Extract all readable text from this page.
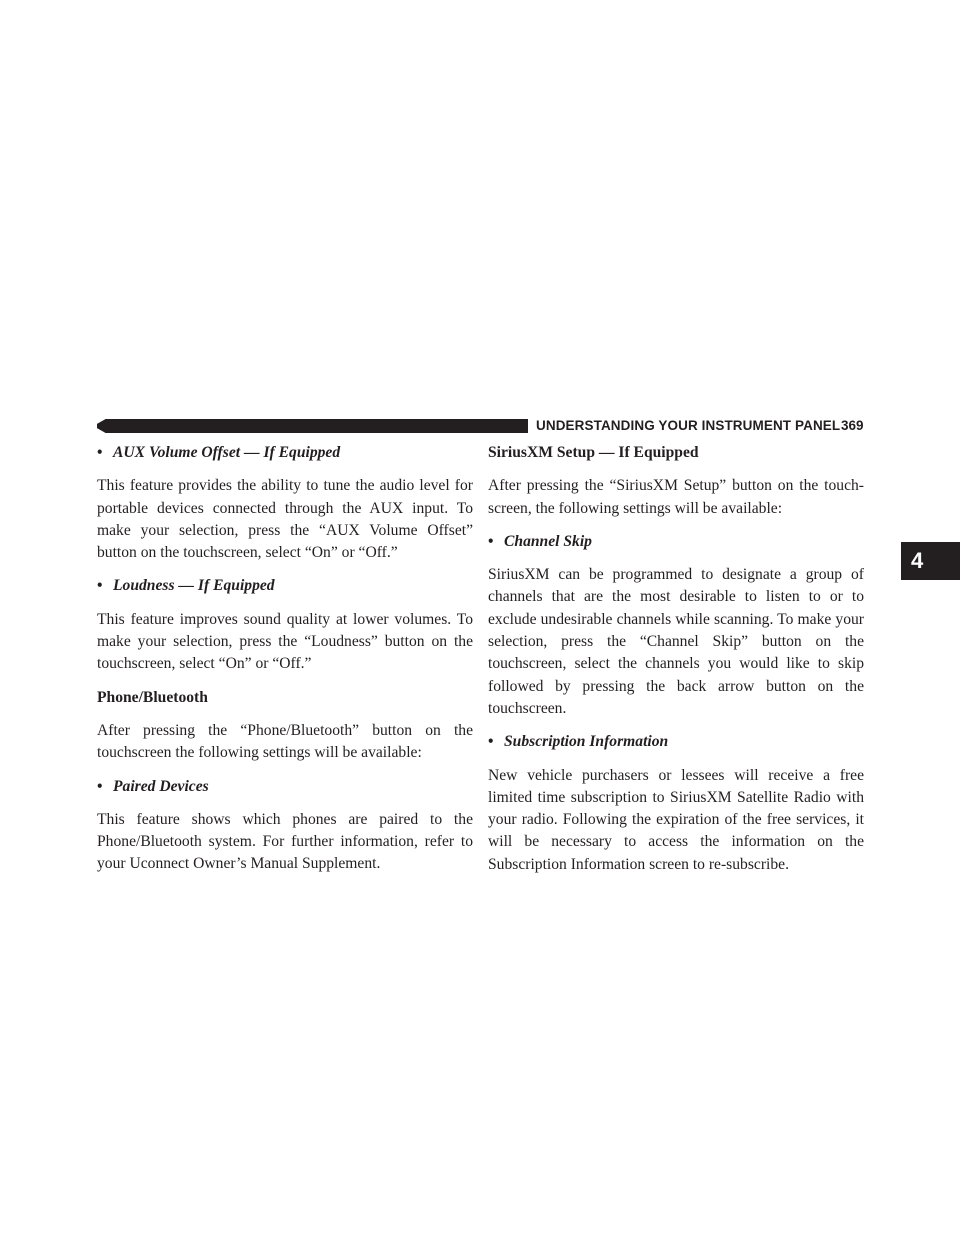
UNDERSTANDING YOUR INSTRUMENT PANEL 369
4

• AUX Volume Offset — If Equipped

This feature provides the ability to tune the audio level for portable devices connected through the AUX input. To make your selection, press the “AUX Volume Offset” button on the touchscreen, select “On” or “Off.”

• Loudness — If Equipped

This feature improves sound quality at lower volumes. To make your selection, press the “Loudness” button on the touchscreen, select “On” or “Off.”

Phone/Bluetooth

After pressing the “Phone/Bluetooth” button on the touchscreen the following settings will be available:

• Paired Devices

This feature shows which phones are paired to the Phone/Bluetooth system. For further information, refer to your Uconnect Owner’s Manual Supplement.

SiriusXM Setup — If Equipped

After pressing the “SiriusXM Setup” button on the touch-screen, the following settings will be available:

• Channel Skip

SiriusXM can be programmed to designate a group of channels that are the most desirable to listen to or to exclude undesirable channels while scanning. To make your selection, press the “Channel Skip” button on the touchscreen, select the channels you would like to skip followed by pressing the back arrow button on the touchscreen.

• Subscription Information

New vehicle purchasers or lessees will receive a free limited time subscription to SiriusXM Satellite Radio with your radio. Following the expiration of the free services, it will be necessary to access the information on the Subscription Information screen to re-subscribe.
